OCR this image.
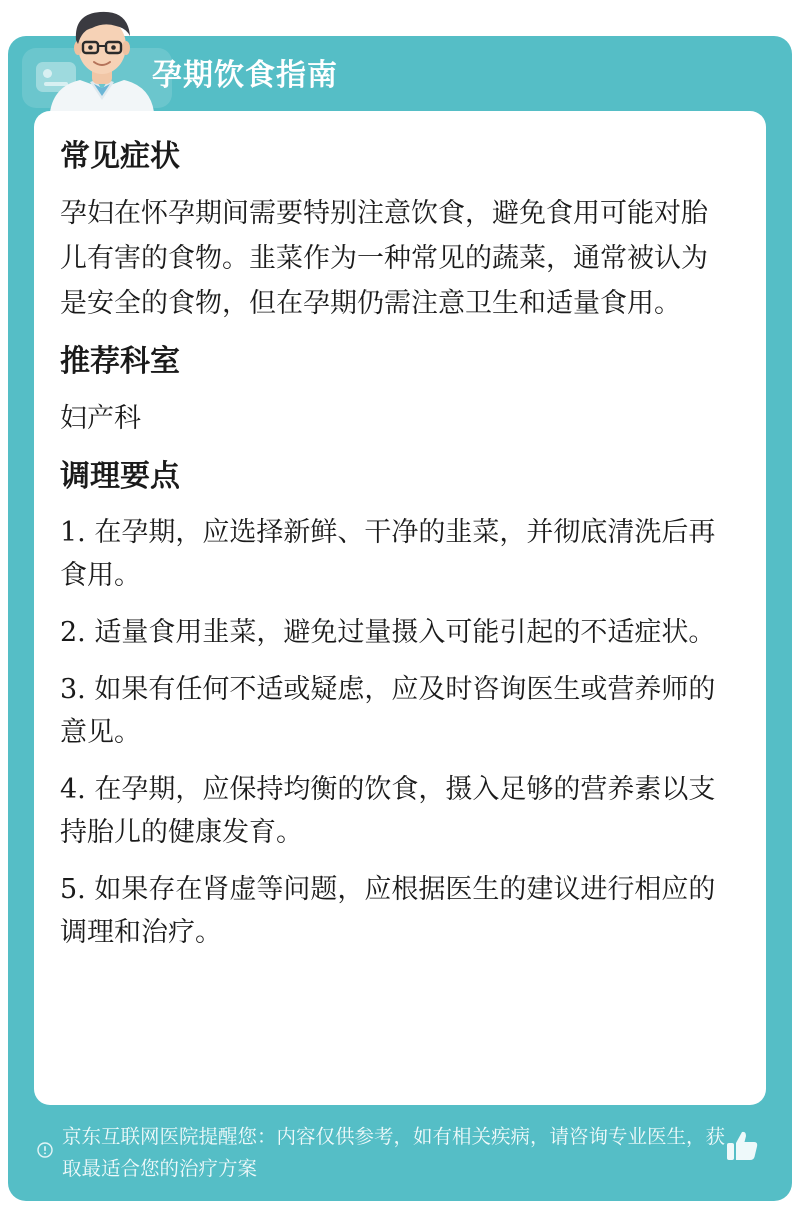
孕期饮食指南
常见症状
孕妇在怀孕期间需要特别注意饮食，避免食用可能对胎儿有害的食物。韭菜作为一种常见的蔬菜，通常被认为是安全的食物，但在孕期仍需注意卫生和适量食用。
推荐科室
妇产科
调理要点
1. 在孕期，应选择新鲜、干净的韭菜，并彻底清洗后再食用。
2. 适量食用韭菜，避免过量摄入可能引起的不适症状。
3. 如果有任何不适或疑虑，应及时咨询医生或营养师的意见。
4. 在孕期，应保持均衡的饮食，摄入足够的营养素以支持胎儿的健康发育。
5. 如果存在肾虚等问题，应根据医生的建议进行相应的调理和治疗。
京东互联网医院提醒您：内容仅供参考，如有相关疾病，请咨询专业医生，获取最适合您的治疗方案
